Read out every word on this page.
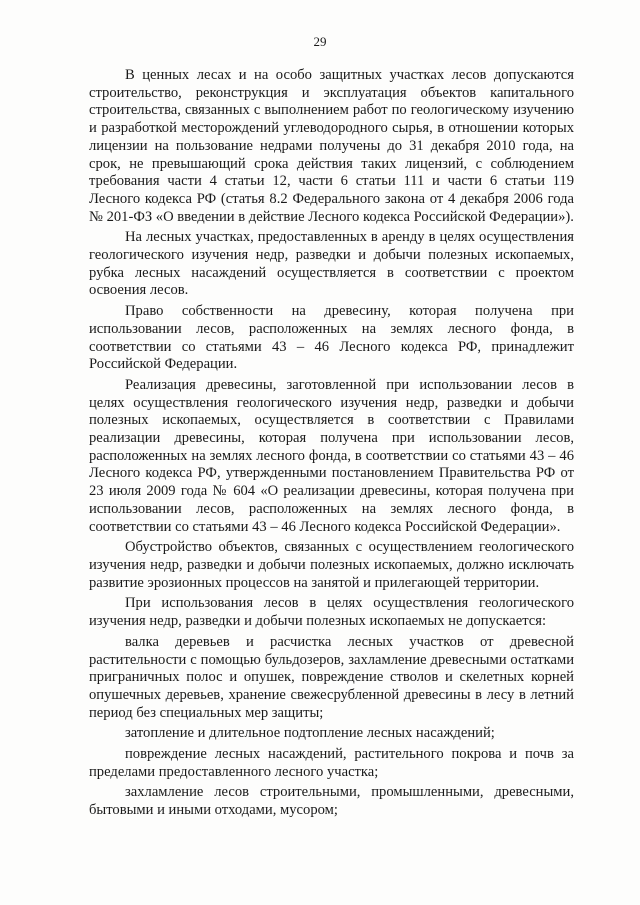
29

В ценных лесах и на особо защитных участках лесов допускаются строительство, реконструкция и эксплуатация объектов капитального строительства, связанных с выполнением работ по геологическому изучению и разработкой месторождений углеводородного сырья, в отношении которых лицензии на пользование недрами получены до 31 декабря 2010 года, на срок, не превышающий срока действия таких лицензий, с соблюдением требования части 4 статьи 12, части 6 статьи 111 и части 6 статьи 119 Лесного кодекса РФ (статья 8.2 Федерального закона от 4 декабря 2006 года № 201-ФЗ «О введении в действие Лесного кодекса Российской Федерации»).

На лесных участках, предоставленных в аренду в целях осуществления геологического изучения недр, разведки и добычи полезных ископаемых, рубка лесных насаждений осуществляется в соответствии с проектом освоения лесов.

Право собственности на древесину, которая получена при использовании лесов, расположенных на землях лесного фонда, в соответствии со статьями 43 – 46 Лесного кодекса РФ, принадлежит Российской Федерации.

Реализация древесины, заготовленной при использовании лесов в целях осуществления геологического изучения недр, разведки и добычи полезных ископаемых, осуществляется в соответствии с Правилами реализации древесины, которая получена при использовании лесов, расположенных на землях лесного фонда, в соответствии со статьями 43 – 46 Лесного кодекса РФ, утвержденными постановлением Правительства РФ от 23 июля 2009 года № 604 «О реализации древесины, которая получена при использовании лесов, расположенных на землях лесного фонда, в соответствии со статьями 43 – 46 Лесного кодекса Российской Федерации».

Обустройство объектов, связанных с осуществлением геологического изучения недр, разведки и добычи полезных ископаемых, должно исключать развитие эрозионных процессов на занятой и прилегающей территории.

При использования лесов в целях осуществления геологического изучения недр, разведки и добычи полезных ископаемых не допускается:

валка деревьев и расчистка лесных участков от древесной растительности с помощью бульдозеров, захламление древесными остатками приграничных полос и опушек, повреждение стволов и скелетных корней опушечных деревьев, хранение свежесрубленной древесины в лесу в летний период без специальных мер защиты;

затопление и длительное подтопление лесных насаждений;

повреждение лесных насаждений, растительного покрова и почв за пределами предоставленного лесного участка;

захламление лесов строительными, промышленными, древесными, бытовыми и иными отходами, мусором;
